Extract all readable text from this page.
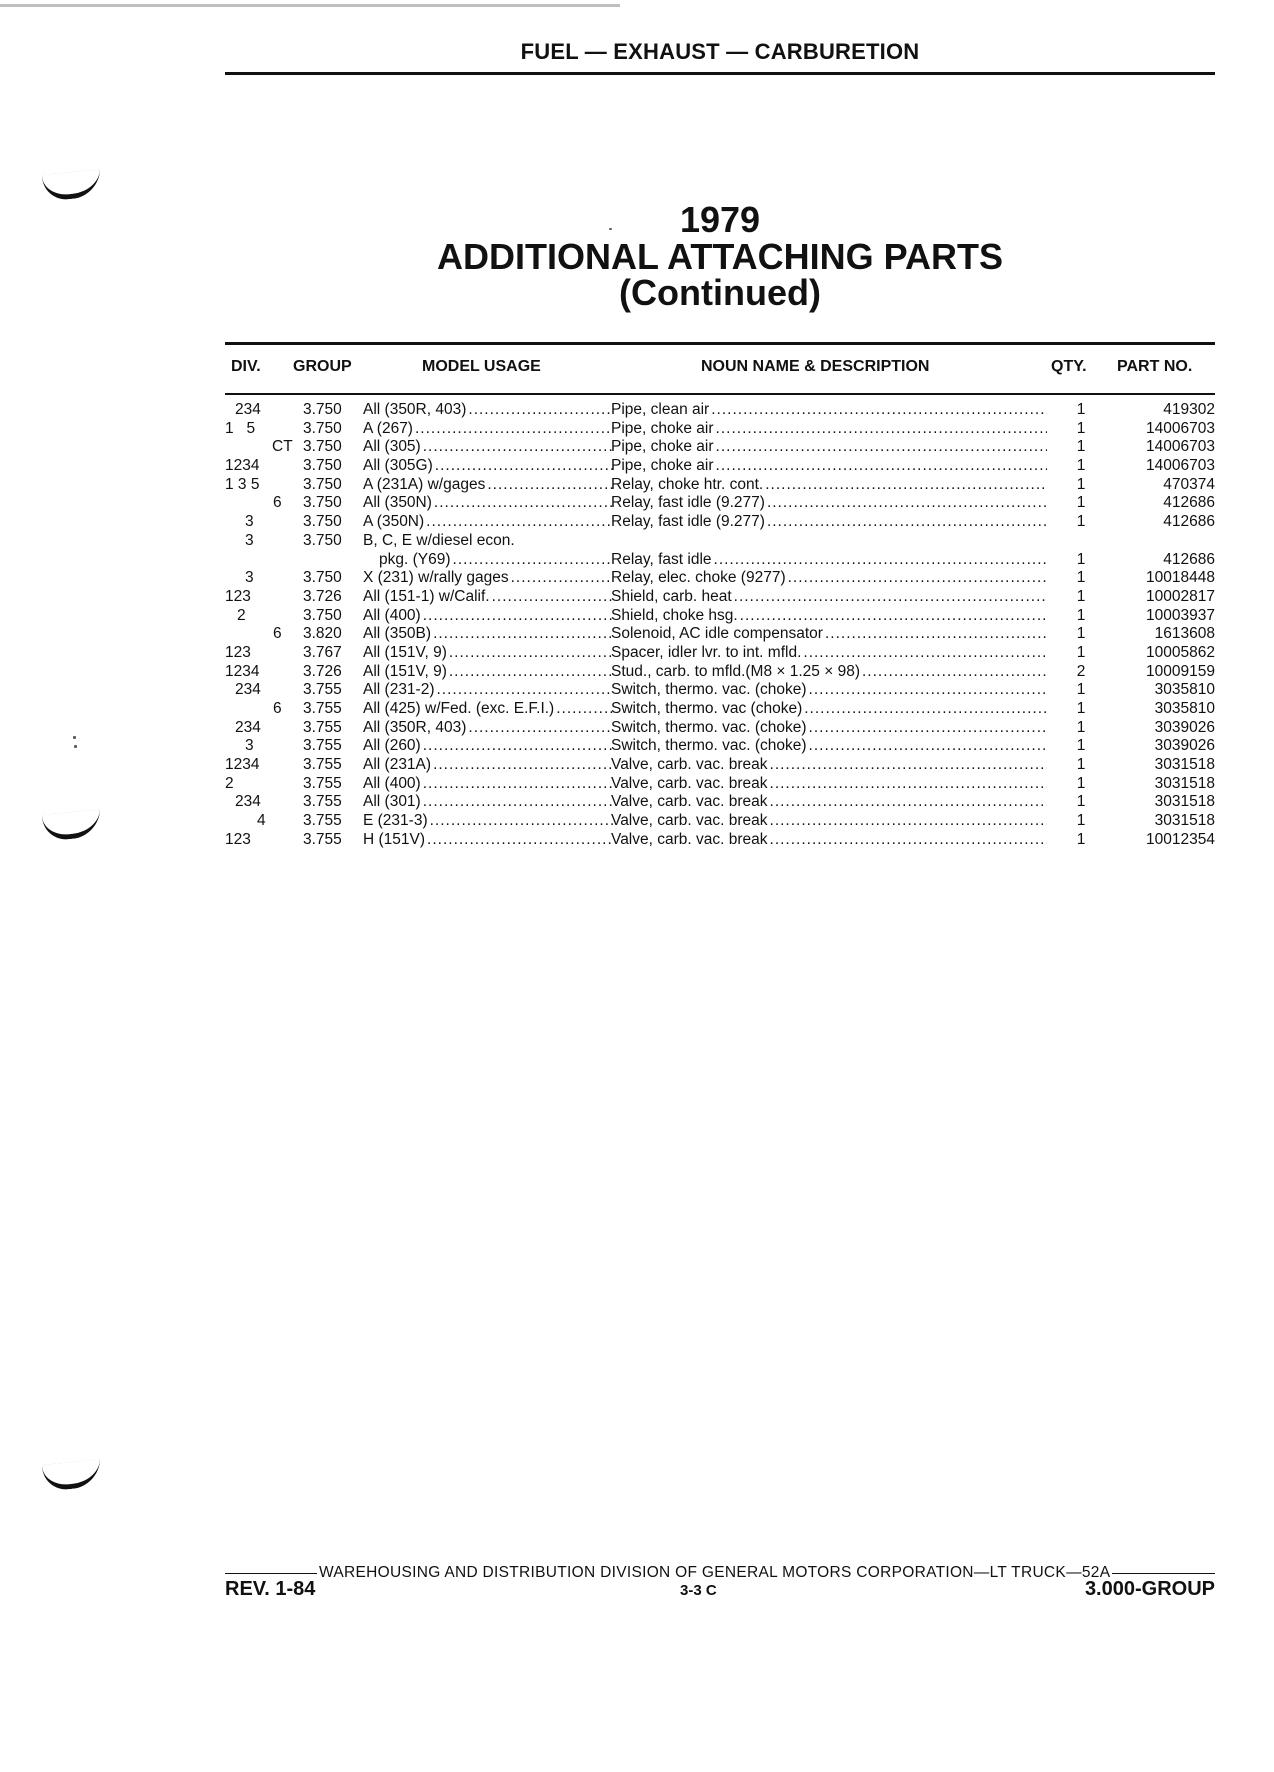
FUEL — EXHAUST — CARBURETION
1979
ADDITIONAL ATTACHING PARTS
(Continued)
DIV. GROUP	MODEL USAGE	NOUN NAME & DESCRIPTION	QTY. PART NO.
234	3.750	All (350R, 403) .....	Pipe, clean air .....	1	419302
1   5	3.750	A (267) .....	Pipe, choke air .....	1	14006703
CT 3.750	All (305) .....	Pipe, choke air .....	1	14006703
1234	3.750	All (305G) .....	Pipe, choke air .....	1	14006703
1 3 5	3.750	A (231A) w/gages .....	Relay, choke htr. cont. .....	1	470374
6	3.750	All (350N) .....	Relay, fast idle (9.277) .....	1	412686
3	3.750	A (350N) .....	Relay, fast idle (9.277) .....	1	412686
3	3.750	B, C, E w/diesel econ.
pkg. (Y69) .....	Relay, fast idle .....	1	412686
3	3.750	X (231) w/rally gages .....	Relay, elec. choke (9277) .....	1	10018448
123	3.726	All (151-1) w/Calif. .....	Shield, carb. heat .....	1	10002817
2	3.750	All (400) .....	Shield, choke hsg. .....	1	10003937
6	3.820	All (350B) .....	Solenoid, AC idle compensator .....	1	1613608
123	3.767	All (151V, 9) .....	Spacer, idler lvr. to int. mfld. .....	1	10005862
1234	3.726	All (151V, 9) .....	Stud., carb. to mfld.(M8 × 1.25 × 98) .....	2	10009159
234	3.755	All (231-2) .....	Switch, thermo. vac. (choke) .....	1	3035810
6	3.755	All (425) w/Fed. (exc. E.F.I.) .....	Switch, thermo. vac (choke) .....	1	3035810
234	3.755	All (350R, 403) .....	Switch, thermo. vac. (choke) .....	1	3039026
3	3.755	All (260) .....	Switch, thermo. vac. (choke) .....	1	3039026
1234	3.755	All (231A) .....	Valve, carb. vac. break .....	1	3031518
2	3.755	All (400) .....	Valve, carb. vac. break .....	1	3031518
234	3.755	All (301) .....	Valve, carb. vac. break .....	1	3031518
4	3.755	E (231-3) .....	Valve, carb. vac. break .....	1	3031518
123	3.755	H (151V) .....	Valve, carb. vac. break .....	1	10012354
WAREHOUSING AND DISTRIBUTION DIVISION OF GENERAL MOTORS CORPORATION—LT TRUCK—52A
REV. 1-84	3-3 C	3.000-GROUP
